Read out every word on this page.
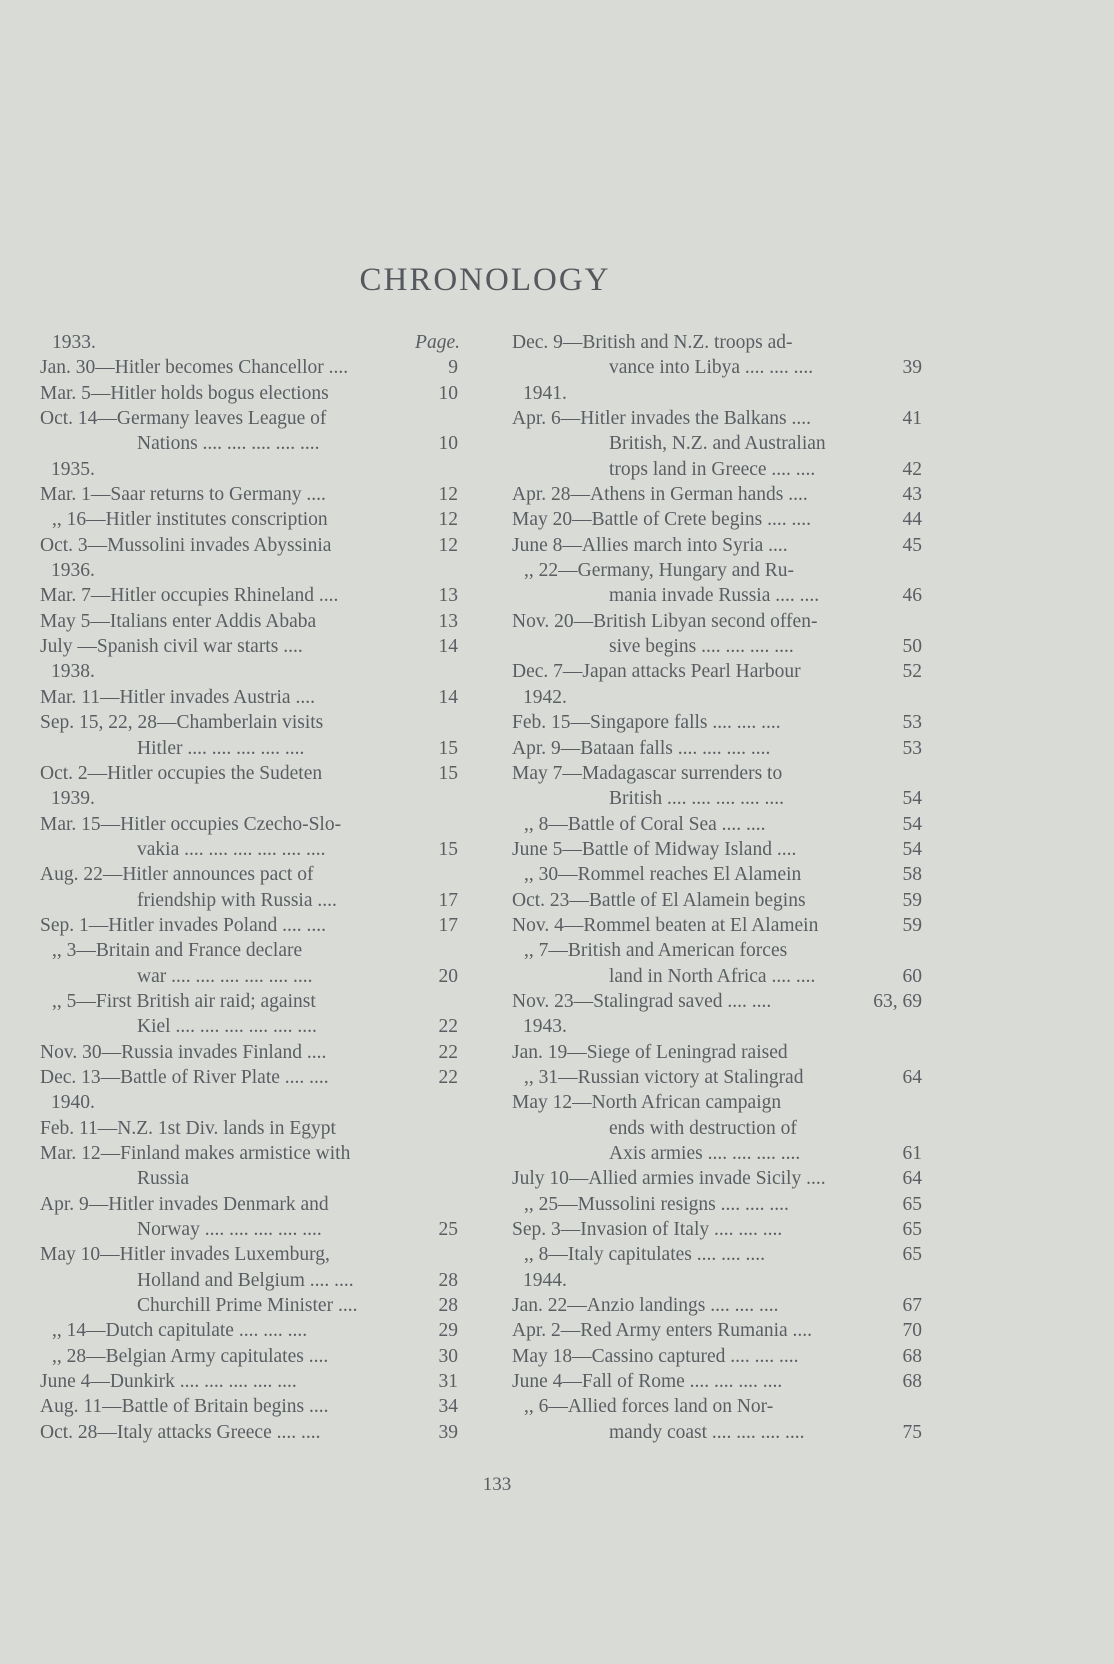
CHRONOLOGY
1933.	Page.
Jan. 30—Hitler becomes Chancellor ....	9
Mar. 5—Hitler holds bogus elections	10
Oct. 14—Germany leaves League of
Nations .... .... .... .... ....	10
1935.
Mar. 1—Saar returns to Germany ....	12
,, 16—Hitler institutes conscription	12
Oct. 3—Mussolini invades Abyssinia	12
1936.
Mar. 7—Hitler occupies Rhineland ....	13
May 5—Italians enter Addis Ababa	13
July —Spanish civil war starts ....	14
1938.
Mar. 11—Hitler invades Austria ....	14
Sep. 15, 22, 28—Chamberlain visits
Hitler .... .... .... .... ....	15
Oct. 2—Hitler occupies the Sudeten	15
1939.
Mar. 15—Hitler occupies Czecho-Slo-
vakia .... .... .... .... .... ....	15
Aug. 22—Hitler announces pact of
friendship with Russia ....	17
Sep. 1—Hitler invades Poland .... ....	17
,, 3—Britain and France declare
war .... .... .... .... .... ....	20
,, 5—First British air raid; against
Kiel .... .... .... .... .... ....	22
Nov. 30—Russia invades Finland ....	22
Dec. 13—Battle of River Plate .... ....	22
1940.
Feb. 11—N.Z. 1st Div. lands in Egypt
Mar. 12—Finland makes armistice with
Russia
Apr. 9—Hitler invades Denmark and
Norway .... .... .... .... ....	25
May 10—Hitler invades Luxemburg,
Holland and Belgium .... ....	28
Churchill Prime Minister ....	28
,, 14—Dutch capitulate .... .... ....	29
,, 28—Belgian Army capitulates ....	30
June 4—Dunkirk .... .... .... .... ....	31
Aug. 11—Battle of Britain begins ....	34
Oct. 28—Italy attacks Greece .... ....	39
Dec. 9—British and N.Z. troops ad-
vance into Libya .... .... ....	39
1941.
Apr. 6—Hitler invades the Balkans ....	41
British, N.Z. and Australian
trops land in Greece .... ....	42
Apr. 28—Athens in German hands ....	43
May 20—Battle of Crete begins .... ....	44
June 8—Allies march into Syria ....	45
,, 22—Germany, Hungary and Ru-
mania invade Russia .... ....	46
Nov. 20—British Libyan second offen-
sive begins .... .... .... ....	50
Dec. 7—Japan attacks Pearl Harbour	52
1942.
Feb. 15—Singapore falls .... .... ....	53
Apr. 9—Bataan falls .... .... .... ....	53
May 7—Madagascar surrenders to
British .... .... .... .... ....	54
,, 8—Battle of Coral Sea .... ....	54
June 5—Battle of Midway Island ....	54
,, 30—Rommel reaches El Alamein	58
Oct. 23—Battle of El Alamein begins	59
Nov. 4—Rommel beaten at El Alamein	59
,, 7—British and American forces
land in North Africa .... ....	60
Nov. 23—Stalingrad saved .... ....	63, 69
1943.
Jan. 19—Siege of Leningrad raised
,, 31—Russian victory at Stalingrad	64
May 12—North African campaign
ends with destruction of
Axis armies .... .... .... ....	61
July 10—Allied armies invade Sicily ....	64
,, 25—Mussolini resigns .... .... ....	65
Sep. 3—Invasion of Italy .... .... ....	65
,, 8—Italy capitulates .... .... ....	65
1944.
Jan. 22—Anzio landings .... .... ....	67
Apr. 2—Red Army enters Rumania ....	70
May 18—Cassino captured .... .... ....	68
June 4—Fall of Rome .... .... .... ....	68
,, 6—Allied forces land on Nor-
mandy coast .... .... .... ....	75
133
